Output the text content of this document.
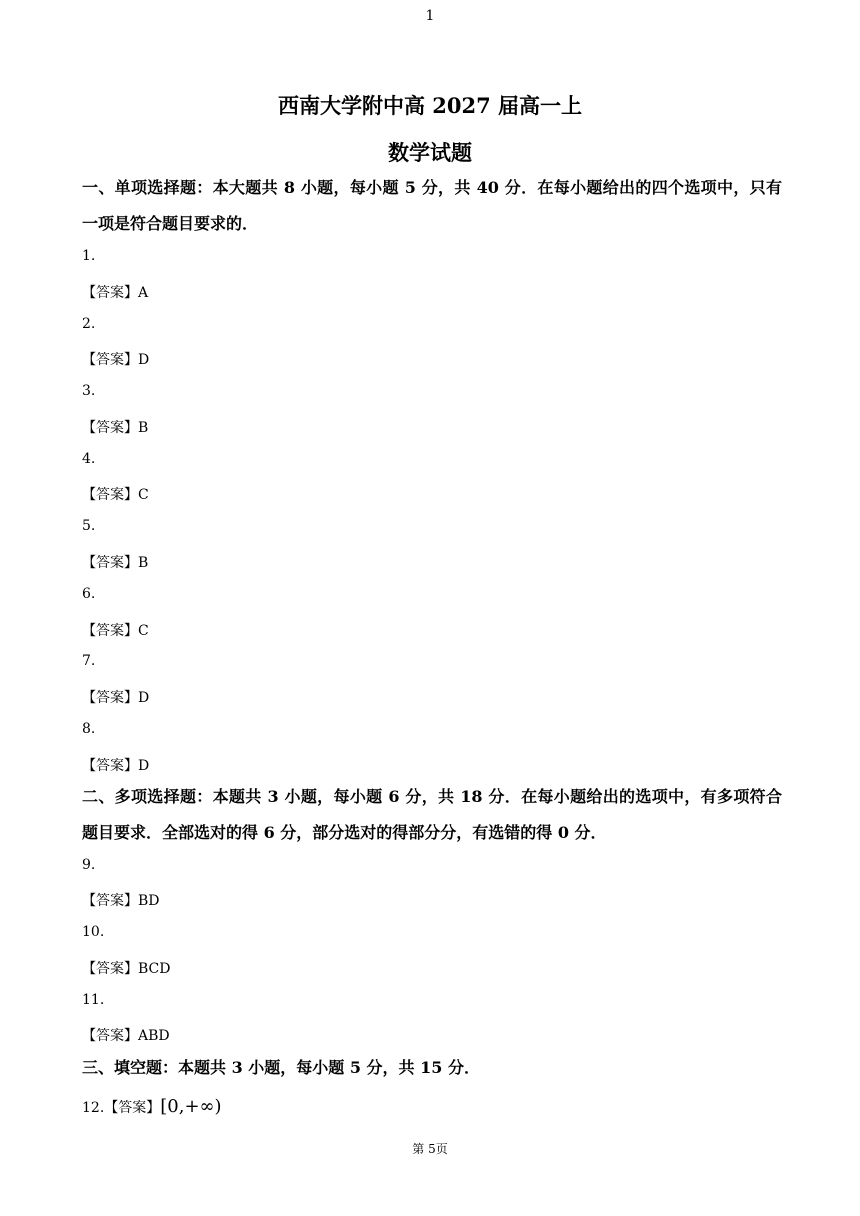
1
西南大学附中高 2027 届高一上
数学试题
一、单项选择题：本大题共 8 小题，每小题 5 分，共 40 分．在每小题给出的四个选项中，只有一项是符合题目要求的．
1.
【答案】A
2.
【答案】D
3.
【答案】B
4.
【答案】C
5.
【答案】B
6.
【答案】C
7.
【答案】D
8.
【答案】D
二、多项选择题：本题共 3 小题，每小题 6 分，共 18 分．在每小题给出的选项中，有多项符合题目要求．全部选对的得 6 分，部分选对的得部分分，有选错的得 0 分．
9.
【答案】BD
10.
【答案】BCD
11.
【答案】ABD
三、填空题：本题共 3 小题，每小题 5 分，共 15 分．
12.【答案】[0,+∞)
第 5页
